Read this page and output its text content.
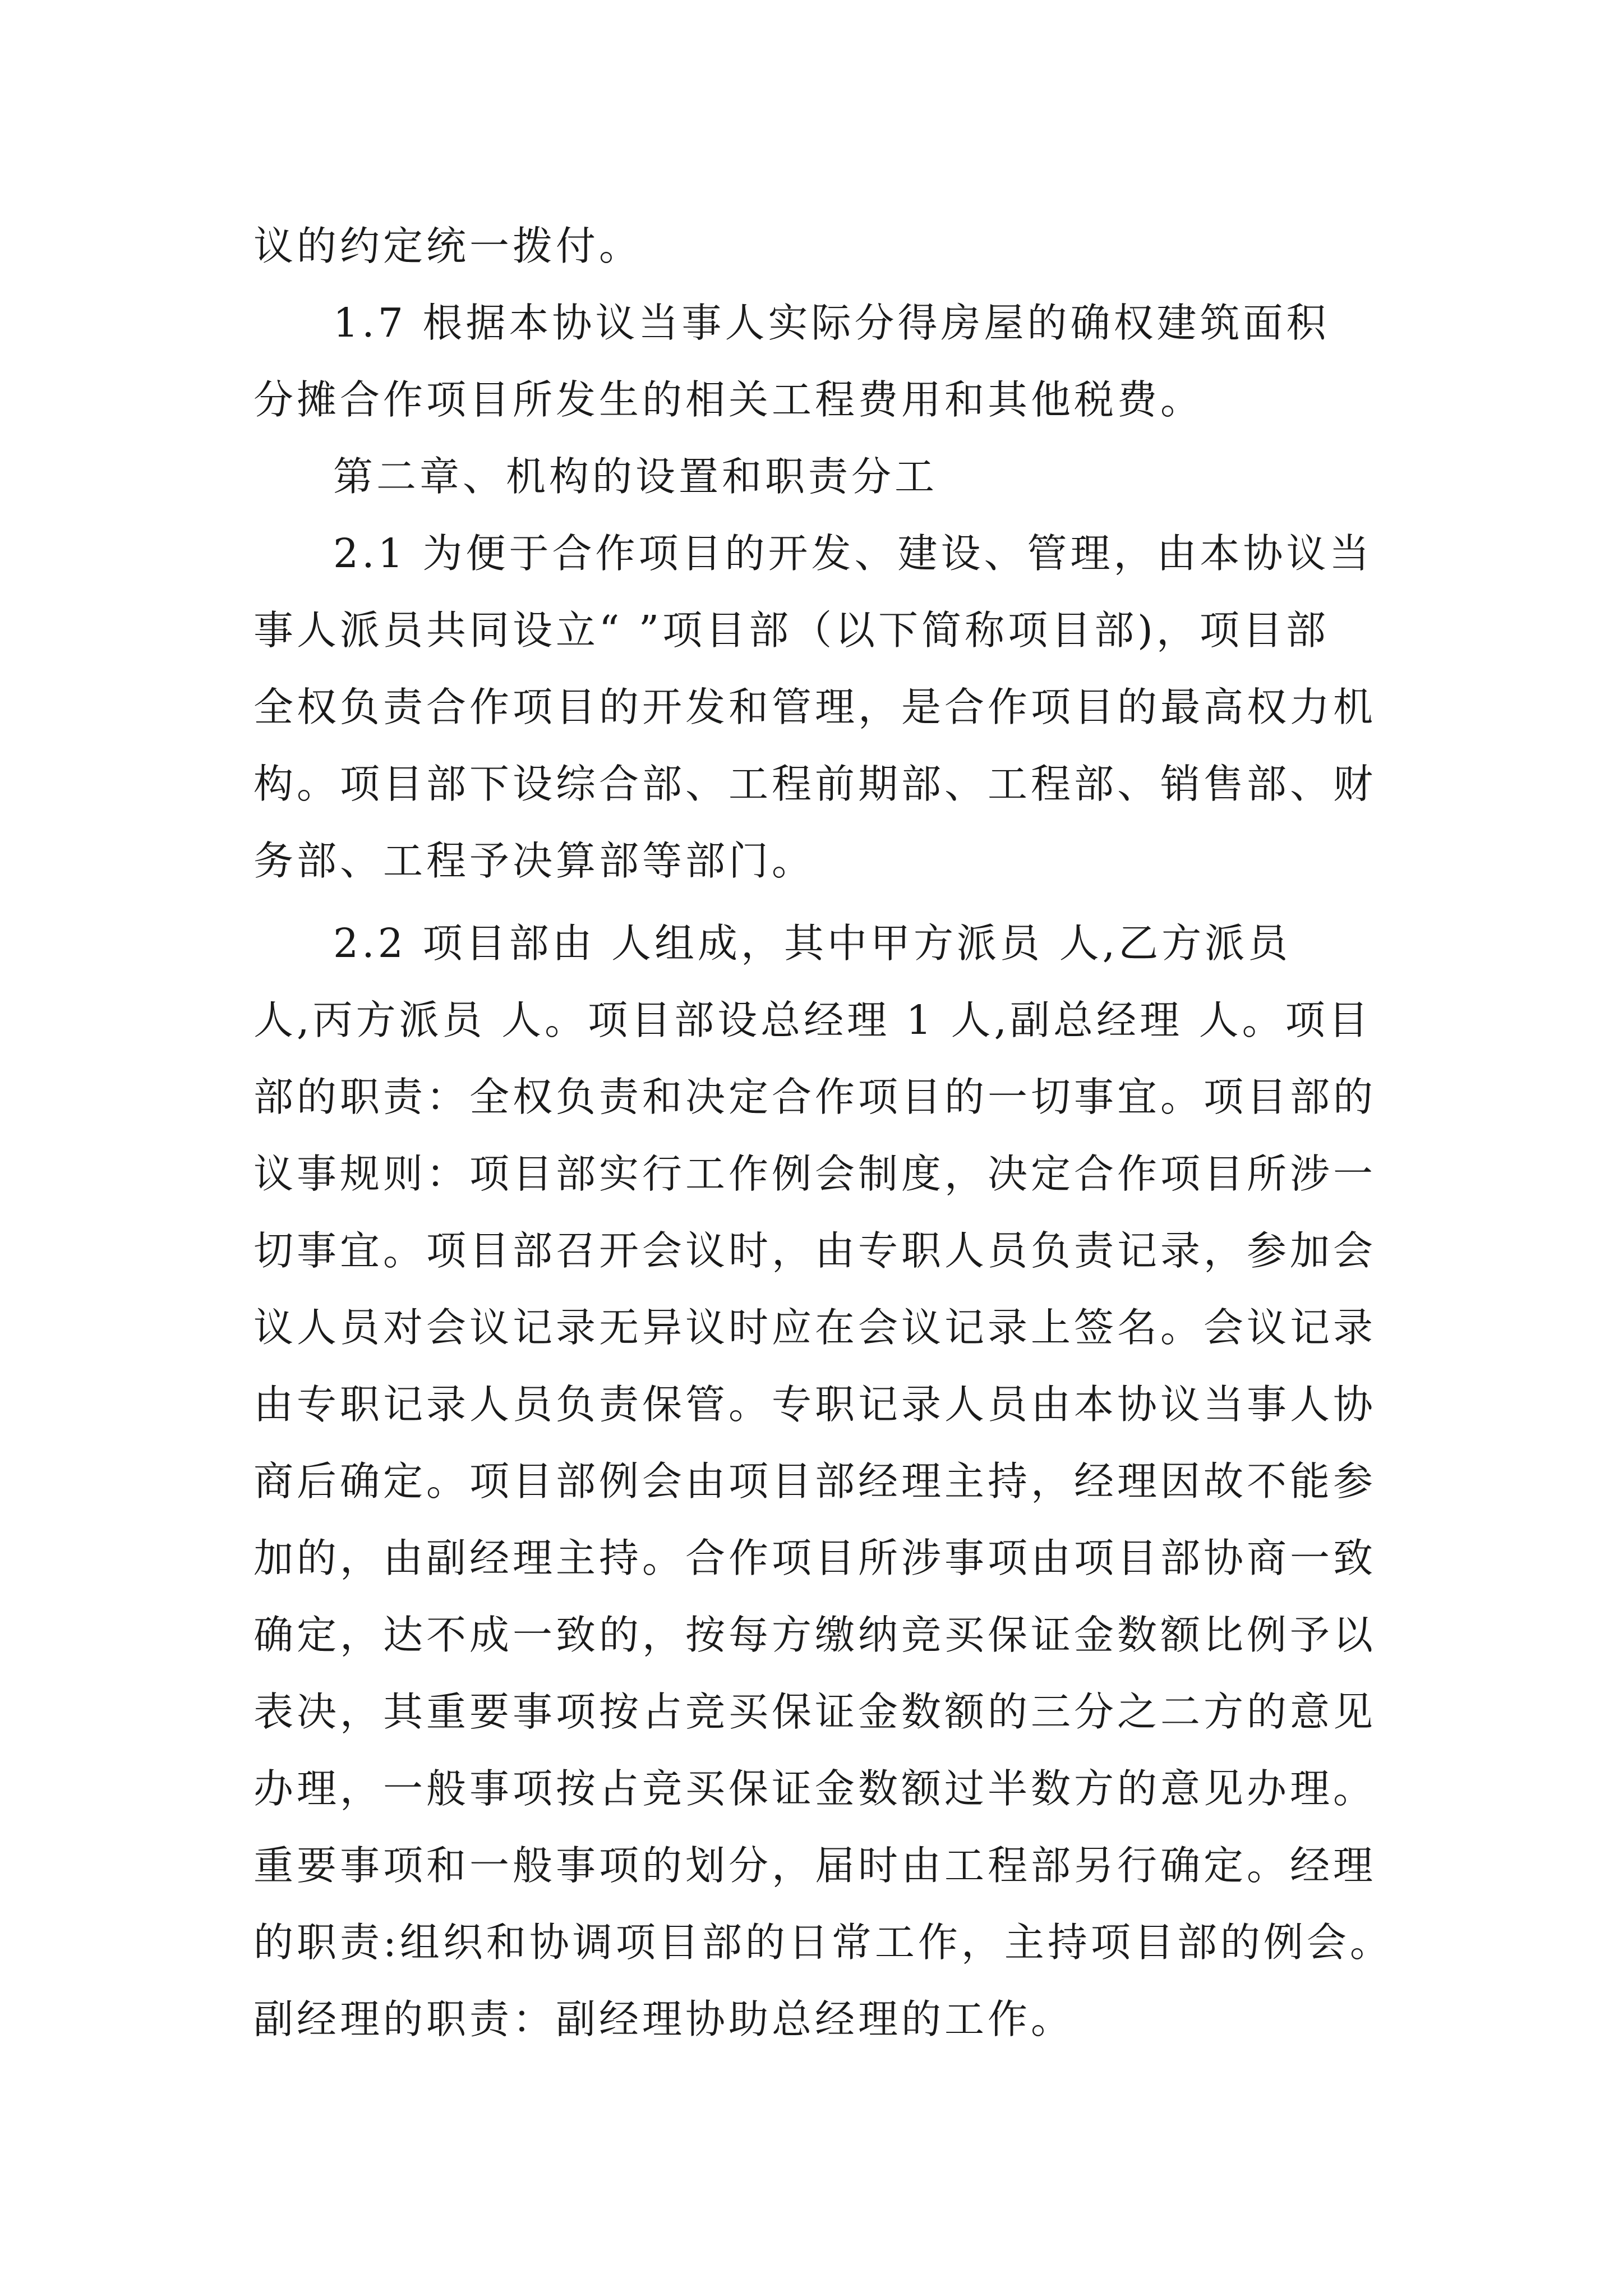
议的约定统一拨付。
1.7 根据本协议当事人实际分得房屋的确权建筑面积
分摊合作项目所发生的相关工程费用和其他税费。
第二章、机构的设置和职责分工
2.1 为便于合作项目的开发、建设、管理，由本协议当
事人派员共同设立“ ”项目部（以下简称项目部)，项目部
全权负责合作项目的开发和管理，是合作项目的最高权力机
构。项目部下设综合部、工程前期部、工程部、销售部、财
务部、工程予决算部等部门。
2.2 项目部由 人组成，其中甲方派员 人,乙方派员
人,丙方派员 人。项目部设总经理 1 人,副总经理 人。项目
部的职责：全权负责和决定合作项目的一切事宜。项目部的
议事规则：项目部实行工作例会制度，决定合作项目所涉一
切事宜。项目部召开会议时，由专职人员负责记录，参加会
议人员对会议记录无异议时应在会议记录上签名。会议记录
由专职记录人员负责保管。专职记录人员由本协议当事人协
商后确定。项目部例会由项目部经理主持，经理因故不能参
加的，由副经理主持。合作项目所涉事项由项目部协商一致
确定，达不成一致的，按每方缴纳竞买保证金数额比例予以
表决，其重要事项按占竞买保证金数额的三分之二方的意见
办理，一般事项按占竞买保证金数额过半数方的意见办理。
重要事项和一般事项的划分，届时由工程部另行确定。经理
的职责:组织和协调项目部的日常工作，主持项目部的例会。
副经理的职责：副经理协助总经理的工作。
